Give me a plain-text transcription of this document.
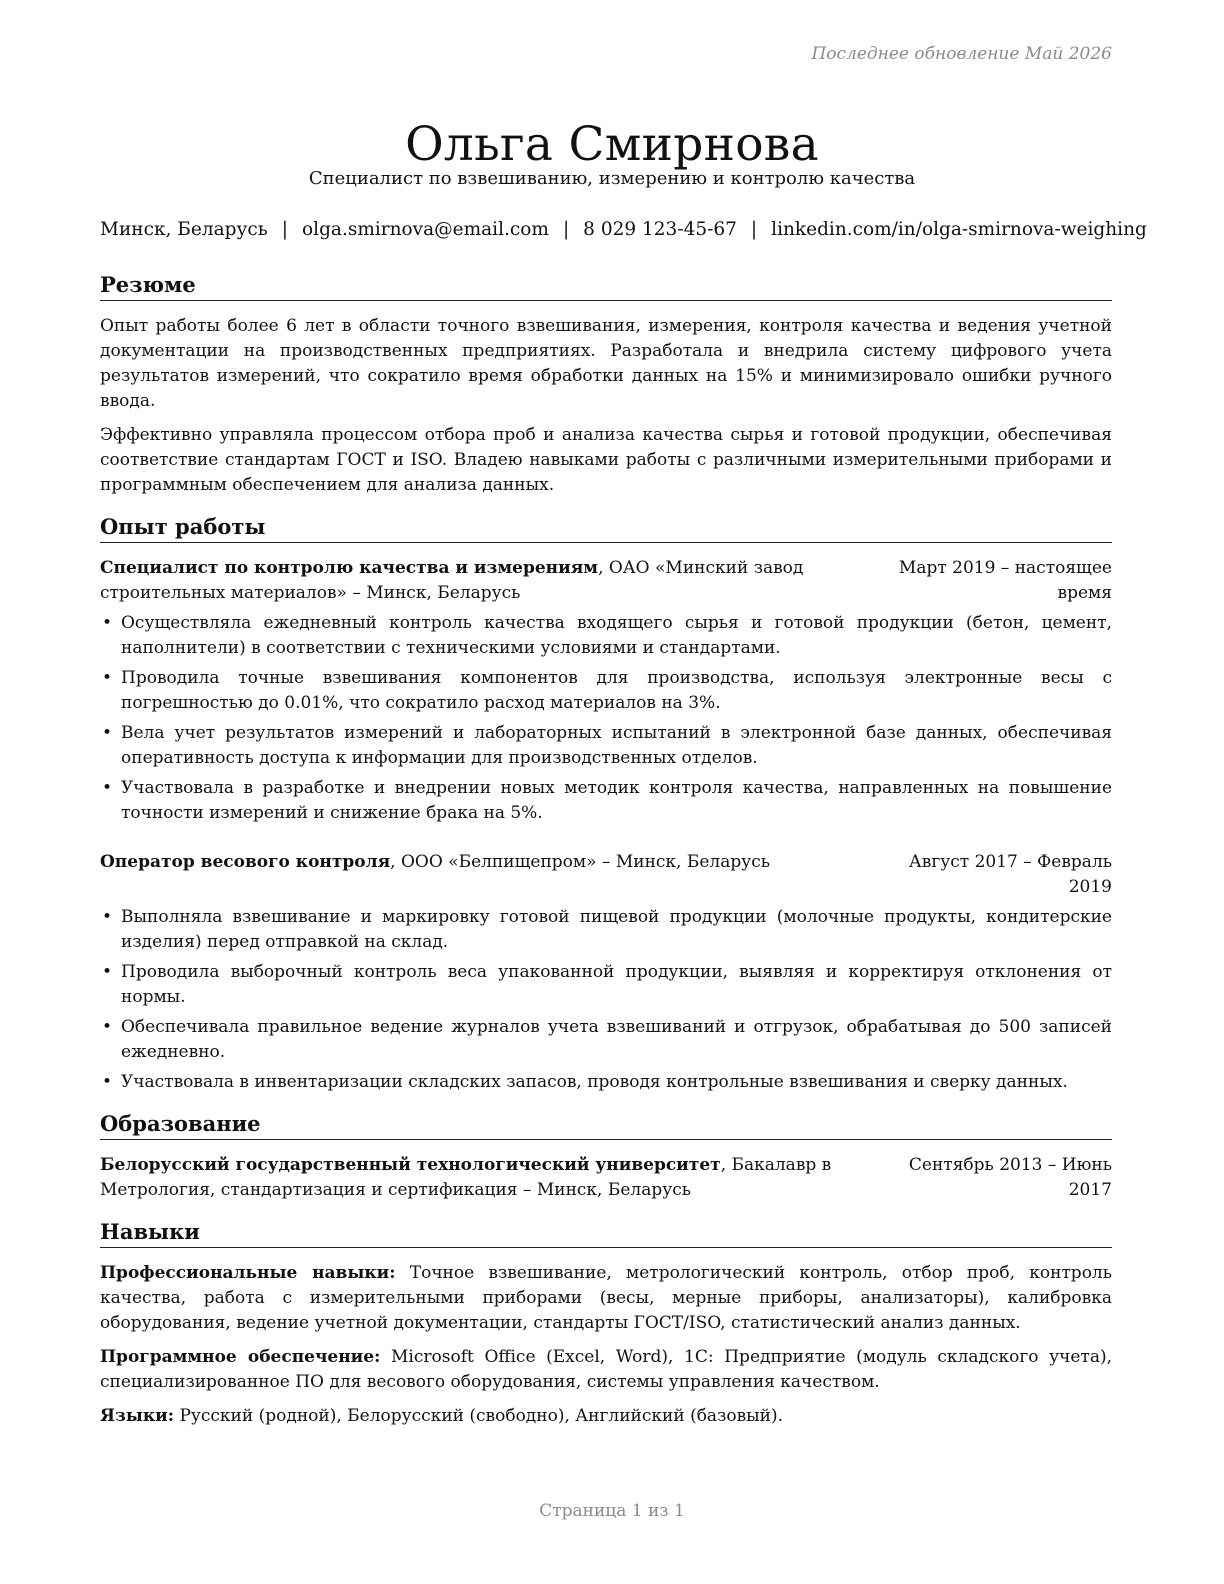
Последнее обновление Май 2026
Ольга Смирнова
Специалист по взвешиванию, измерению и контролю качества
Минск, Беларусь | olga.smirnova@email.com | 8 029 123-45-67 | linkedin.com/in/olga-smirnova-weighing
Резюме

Опыт работы более 6 лет в области точного взвешивания, измерения, контроля качества и ведения учетной документации на производственных предприятиях. Разработала и внедрила систему цифрового учета результатов измерений, что сократило время обработки данных на 15% и минимизировало ошибки ручного ввода.

Эффективно управляла процессом отбора проб и анализа качества сырья и готовой продукции, обеспечивая соответствие стандартам ГОСТ и ISO. Владею навыками работы с различными измерительными приборами и программным обеспечением для анализа данных.

Опыт работы
Специалист по контролю качества и измерениям, ОАО «Минский завод строительных материалов» – Минск, Беларусь
Март 2019 – настоящее время
• Осуществляла ежедневный контроль качества входящего сырья и готовой продукции (бетон, цемент, наполнители) в соответствии с техническими условиями и стандартами.
• Проводила точные взвешивания компонентов для производства, используя электронные весы с погрешностью до 0.01%, что сократило расход материалов на 3%.
• Вела учет результатов измерений и лабораторных испытаний в электронной базе данных, обеспечивая оперативность доступа к информации для производственных отделов.
• Участвовала в разработке и внедрении новых методик контроля качества, направленных на повышение точности измерений и снижение брака на 5%.
Оператор весового контроля, ООО «Белпищепром» – Минск, Беларусь	Август 2017 – Февраль 2019
• Выполняла взвешивание и маркировку готовой пищевой продукции (молочные продукты, кондитерские изделия) перед отправкой на склад.
• Проводила выборочный контроль веса упакованной продукции, выявляя и корректируя отклонения от нормы.
• Обеспечивала правильное ведение журналов учета взвешиваний и отгрузок, обрабатывая до 500 записей ежедневно.
• Участвовала в инвентаризации складских запасов, проводя контрольные взвешивания и сверку данных.
Образование
Белорусский государственный технологический университет, Бакалавр в Метрология, стандартизация и сертификация – Минск, Беларусь
Сентябрь 2013 – Июнь 2017
Навыки
Профессиональные навыки: Точное взвешивание, метрологический контроль, отбор проб, контроль качества, работа с измерительными приборами (весы, мерные приборы, анализаторы), калибровка оборудования, ведение учетной документации, стандарты ГОСТ/ISO, статистический анализ данных.
Программное обеспечение: Microsoft Office (Excel, Word), 1С: Предприятие (модуль складского учета), специализированное ПО для весового оборудования, системы управления качеством.
Языки: Русский (родной), Белорусский (свободно), Английский (базовый).
Страница 1 из 1
